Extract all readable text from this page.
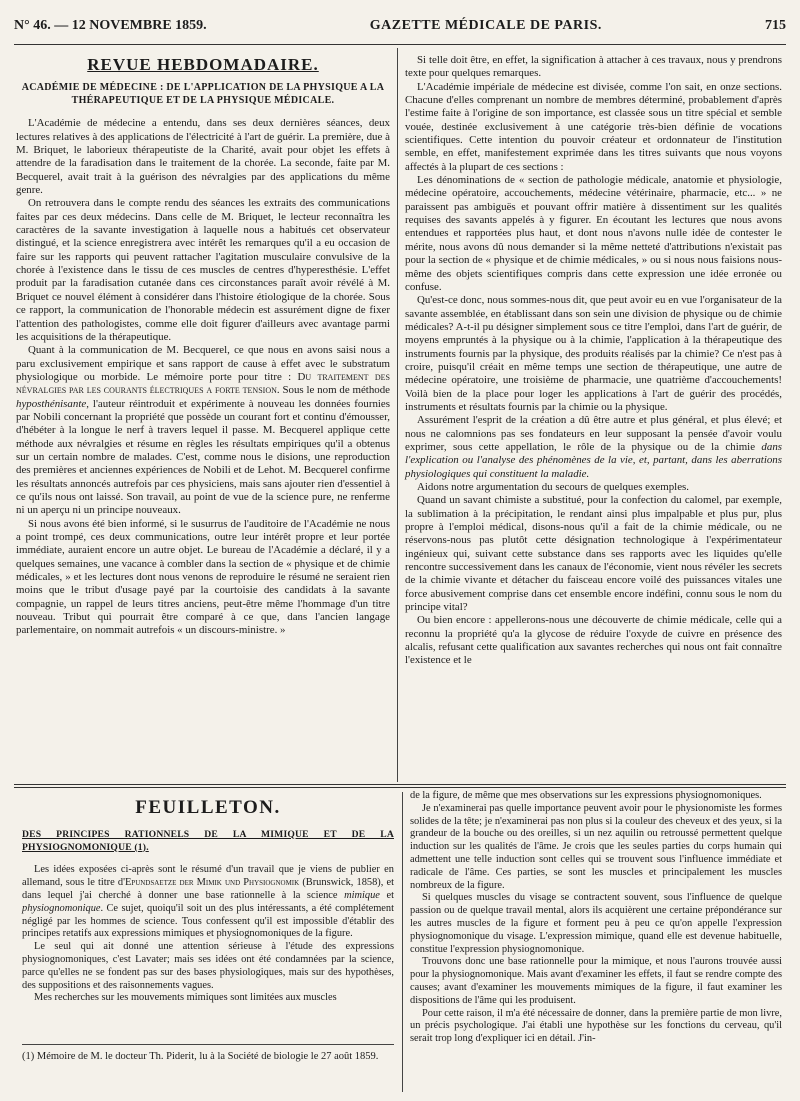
N° 46. — 12 NOVEMBRE 1859.	GAZETTE MÉDICALE DE PARIS.	715
REVUE HEBDOMADAIRE.
ACADÉMIE DE MÉDECINE : DE L'APPLICATION DE LA PHYSIQUE A LA THÉRAPEUTIQUE ET DE LA PHYSIQUE MÉDICALE.

L'Académie de médecine a entendu, dans ses deux dernières séances, deux lectures relatives à des applications de l'électricité à l'art de guérir. La première, due à M. Briquet, le laborieux thérapeutiste de la Charité, avait pour objet les effets à attendre de la faradisation dans le traitement de la chorée. La seconde, faite par M. Becquerel, avait trait à la guérison des névralgies par des applications du même genre.

On retrouvera dans le compte rendu des séances les extraits des communications faites par ces deux médecins. Dans celle de M. Briquet, le lecteur reconnaîtra les caractères de la savante investigation à laquelle nous a habitués cet observateur distingué, et la science enregistrera avec intérêt les remarques qu'il a eu occasion de faire sur les rapports qui peuvent rattacher l'agitation musculaire convulsive de la chorée à l'existence dans le tissu de ces muscles de centres d'hyperesthésie. L'effet produit par la faradisation cutanée dans ces circonstances paraît avoir révélé à M. Briquet ce nouvel élément à considérer dans l'histoire étiologique de la chorée. Sous ce rapport, la communication de l'honorable médecin est assurément digne de fixer l'attention des pathologistes, comme elle doit figurer d'ailleurs avec avantage parmi les acquisitions de la thérapeutique.

Quant à la communication de M. Becquerel, ce que nous en avons saisi nous a paru exclusivement empirique et sans rapport de cause à effet avec le substratum physiologique ou morbide. Le mémoire porte pour titre : Du traitement des névralgies par les courants électriques a forte tension. Sous le nom de méthode hyposthénisante, l'auteur réintroduit et expérimente à nouveau les données fournies par Nobili concernant la propriété que possède un courant fort et continu d'émousser, d'hébéter à la longue le nerf à travers lequel il passe. M. Becquerel applique cette méthode aux névralgies et résume en règles les résultats empiriques qu'il a obtenus sur un certain nombre de malades. C'est, comme nous le disions, une reproduction des premières et anciennes expériences de Nobili et de Lehot. M. Becquerel confirme les résultats annoncés autrefois par ces physiciens, mais sans ajouter rien d'essentiel à ce qu'ils nous ont laissé. Son travail, au point de vue de la science pure, ne renferme ni un aperçu ni un principe nouveaux.

Si nous avons été bien informé, si le susurrus de l'auditoire de l'Académie ne nous a point trompé, ces deux communications, outre leur intérêt propre et leur portée immédiate, auraient encore un autre objet. Le bureau de l'Académie a déclaré, il y a quelques semaines, une vacance à combler dans la section de « physique et de chimie médicales, » et les lectures dont nous venons de reproduire le résumé ne seraient rien moins que le tribut d'usage payé par la courtoisie des candidats à la savante compagnie, un rappel de leurs titres anciens, peut-être même l'hommage d'un titre nouveau. Tribut qui pourrait être comparé à ce que, dans l'ancien langage parlementaire, on nommait autrefois « un discours-ministre. »

Si telle doit être, en effet, la signification à attacher à ces travaux, nous y prendrons texte pour quelques remarques.

L'Académie impériale de médecine est divisée, comme l'on sait, en onze sections. Chacune d'elles comprenant un nombre de membres déterminé, probablement d'après l'estime faite à l'origine de son importance, est classée sous un titre spécial et semble vouée, destinée exclusivement à une catégorie très-bien définie de vocations scientifiques. Cette intention du pouvoir créateur et ordonnateur de l'institution semble, en effet, manifestement exprimée dans les titres suivants que nous voyons affectés à la plupart de ces sections :

Les dénominations de « section de pathologie médicale, anatomie et physiologie, médecine opératoire, accouchements, médecine vétérinaire, pharmacie, etc... » ne paraissent pas ambiguës et pouvant offrir matière à dissentiment sur les qualités requises des savants appelés à y figurer. En écoutant les lectures que nous avons entendues et rapportées plus haut, et dont nous n'avons nulle idée de contester le mérite, nous avons dû nous demander si la même netteté d'attributions n'existait pas pour la section de « physique et de chimie médicales, » ou si nous nous faisions nous-même des objets scientifiques compris dans cette expression une idée erronée ou confuse.

Qu'est-ce donc, nous sommes-nous dit, que peut avoir eu en vue l'organisateur de la savante assemblée, en établissant dans son sein une division de physique ou de chimie médicales? A-t-il pu désigner simplement sous ce titre l'emploi, dans l'art de guérir, de moyens empruntés à la physique ou à la chimie, l'application à la thérapeutique des instruments fournis par la physique, des produits réalisés par la chimie? Ce n'est pas à croire, puisqu'il créait en même temps une section de thérapeutique, une autre de médecine opératoire, une troisième de pharmacie, une quatrième d'accouchements! Voilà bien de la place pour loger les applications à l'art de guérir des procédés, instruments et résultats fournis par la chimie ou la physique.

Assurément l'esprit de la création a dû être autre et plus général, et plus élevé; et nous ne calomnions pas ses fondateurs en leur supposant la pensée d'avoir voulu exprimer, sous cette appellation, le rôle de la physique ou de la chimie dans l'explication ou l'analyse des phénomènes de la vie, et, partant, dans les aberrations physiologiques qui constituent la maladie.

Aidons notre argumentation du secours de quelques exemples.

Quand un savant chimiste a substitué, pour la confection du calomel, par exemple, la sublimation à la précipitation, le rendant ainsi plus impalpable et plus pur, plus propre à l'emploi médical, disons-nous qu'il a fait de la chimie médicale, ou ne réservons-nous pas plutôt cette désignation technologique à l'expérimentateur ingénieux qui, suivant cette substance dans ses rapports avec les liquides qu'elle rencontre successivement dans les canaux de l'économie, vient nous révéler les secrets de la chimie vivante et détacher du faisceau encore voilé des puissances vitales une force abusivement comprise dans cet ensemble encore indéfini, connu sous le nom du principe vital?

Ou bien encore : appellerons-nous une découverte de chimie médicale, celle qui a reconnu la propriété qu'a la glycose de réduire l'oxyde de cuivre en présence des alcalis, refusant cette qualification aux savantes recherches qui nous ont fait connaître l'existence et le

FEUILLETON.
DES PRINCIPES RATIONNELS DE LA MIMIQUE ET DE LA PHYSIOGNOMONIQUE (1).

Les idées exposées ci-après sont le résumé d'un travail que je viens de publier en allemand, sous le titre d'Epundsaetze der Mimik und Physiognomik (Brunswick, 1858), et dans lequel j'ai cherché à donner une base rationnelle à la science mimique et physiognomonique. Ce sujet, quoiqu'il soit un des plus intéressants, a été complétement négligé par les hommes de science. Tous confessent qu'il est impossible d'établir des principes retatifs aux expressions mimiques et physiognomoniques de la figure.

Le seul qui ait donné une attention sérieuse à l'étude des expressions physiognomoniques, c'est Lavater; mais ses idées ont été condamnées par la science, parce qu'elles ne se fondent pas sur des bases physiologiques, mais sur des hypothèses, des suppositions et des raisonnements vagues.

Mes recherches sur les mouvements mimiques sont limitées aux muscles

(1) Mémoire de M. le docteur Th. Piderit, lu à la Société de biologie le 27 août 1859.

de la figure, de même que mes observations sur les expressions physiognomoniques.

Je n'examinerai pas quelle importance peuvent avoir pour le physionomiste les formes solides de la tête; je n'examinerai pas non plus si la couleur des cheveux et des yeux, si la grandeur de la bouche ou des oreilles, si un nez aquilin ou retroussé permettent quelque induction sur les qualités de l'âme. Je crois que les seules parties du corps humain qui admettent une telle induction sont celles qui se trouvent sous l'influence immédiate et radicale de l'âme. Ces parties, se sont les muscles et principalement les muscles nombreux de la figure.

Si quelques muscles du visage se contractent souvent, sous l'influence de quelque passion ou de quelque travail mental, alors ils acquièrent une certaine prépondérance sur les autres muscles de la figure et forment peu à peu ce qu'on appelle l'expression physiognomonique du visage. L'expression mimique, quand elle est devenue habituelle, constitue l'expression physiognomonique.

Trouvons donc une base rationnelle pour la mimique, et nous l'aurons trouvée aussi pour la physiognomonique. Mais avant d'examiner les effets, il faut se rendre compte des causes; avant d'examiner les mouvements mimiques de la figure, il faut examiner les dispositions de l'âme qui les produisent.

Pour cette raison, il m'a été nécessaire de donner, dans la première partie de mon livre, un précis psychologique. J'ai établi une hypothèse sur les fonctions du cerveau, qu'il serait trop long d'expliquer ici en détail. J'in-
